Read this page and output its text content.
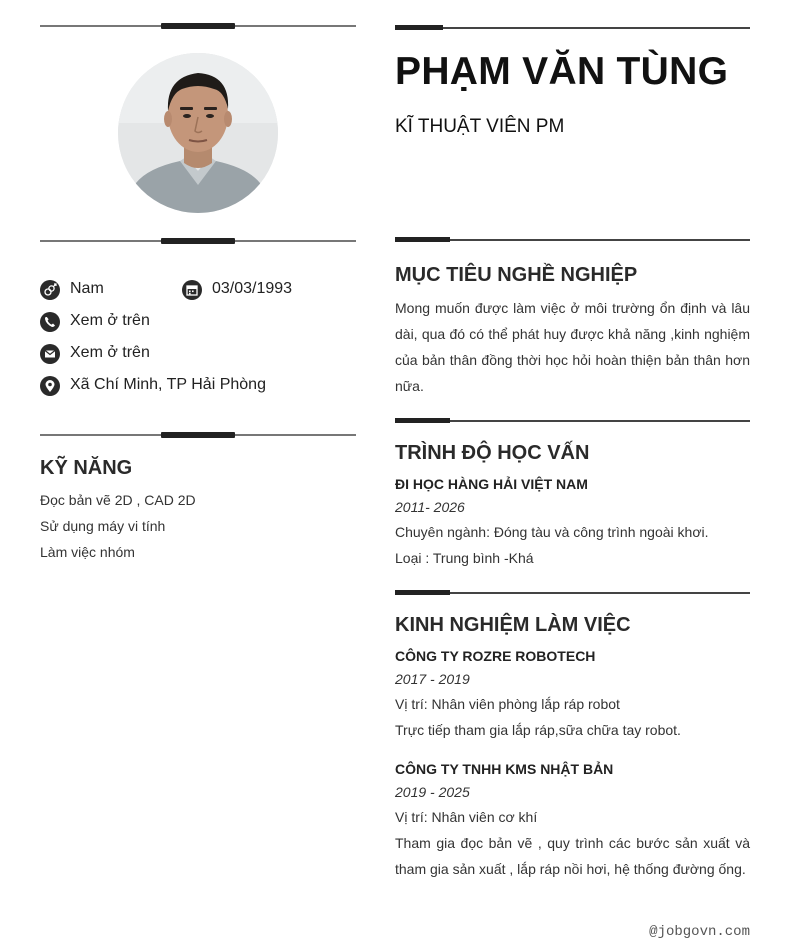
Nam	03/03/1993
Xem ở trên
Xem ở trên
Xã Chí Minh, TP Hải Phòng
KỸ NĂNG
Đọc bản vẽ 2D , CAD 2D
Sử dụng máy vi tính
Làm việc nhóm
PHẠM VĂN TÙNG
KĨ THUẬT VIÊN PM
MỤC TIÊU NGHỀ NGHIỆP
Mong muốn được làm việc ở môi trường ổn định và lâu dài, qua đó có thể phát huy được khả năng ,kinh nghiệm của bản thân đồng thời học hỏi hoàn thiện bản thân hơn nữa.
TRÌNH ĐỘ HỌC VẤN
ĐI HỌC HÀNG HẢI VIỆT NAM
2011- 2026
Chuyên ngành: Đóng tàu và công trình ngoài khơi.
Loại : Trung bình -Khá
KINH NGHIỆM LÀM VIỆC
CÔNG TY ROZRE ROBOTECH
2017 - 2019
Vị trí: Nhân viên phòng lắp ráp robot
Trực tiếp tham gia lắp ráp,sữa chữa tay robot.
CÔNG TY TNHH KMS NHẬT BẢN
2019 - 2025
Vị trí: Nhân viên cơ khí
Tham gia đọc bản vẽ , quy trình các bước sản xuất và tham gia sản xuất , lắp ráp nồi hơi, hệ thống đường ống.
@jobgovn.com
